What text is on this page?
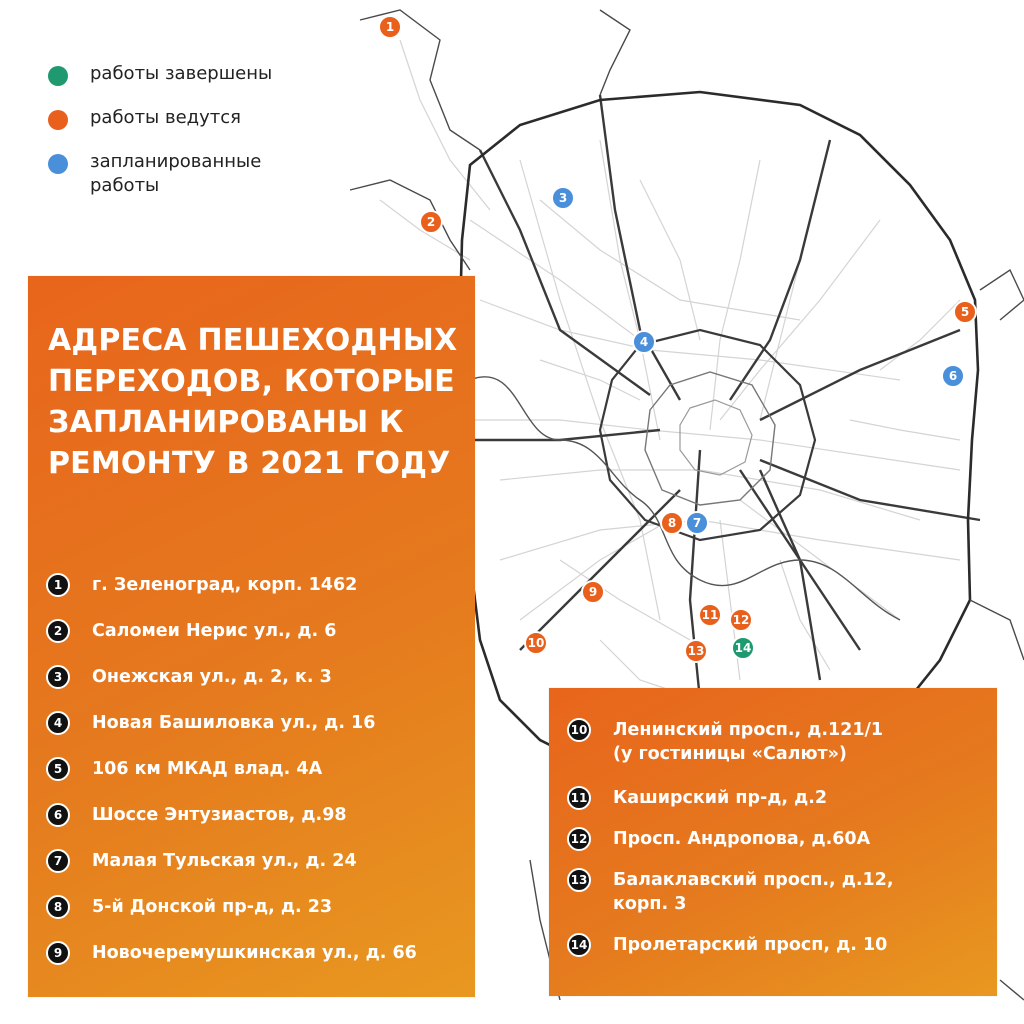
работы завершены
работы ведутся
запланированные работы
АДРЕСА ПЕШЕХОДНЫХ ПЕРЕХОДОВ, КОТОРЫЕ ЗАПЛАНИРОВАНЫ К РЕМОНТУ В 2021 ГОДУ
1	г. Зеленоград, корп. 1462
2	Саломеи Нерис ул., д. 6
3	Онежская ул., д. 2, к. 3
4	Новая Башиловка ул., д. 16
5	106 км МКАД влад. 4А
6	Шоссе Энтузиастов, д.98
7	Малая Тульская ул., д. 24
8	5-й Донской пр-д, д. 23
9	Новочеремушкинская ул., д. 66
10 Ленинский просп., д.121/1
(у гостиницы «Салют»)
11 Каширский пр-д, д.2
12 Просп. Андропова, д.60А
13 Балаклавский просп., д.12,
корп. 3
14 Пролетарский просп, д. 10
1
2
3
4
5
6
7
8
9
10
11	12
13	14
